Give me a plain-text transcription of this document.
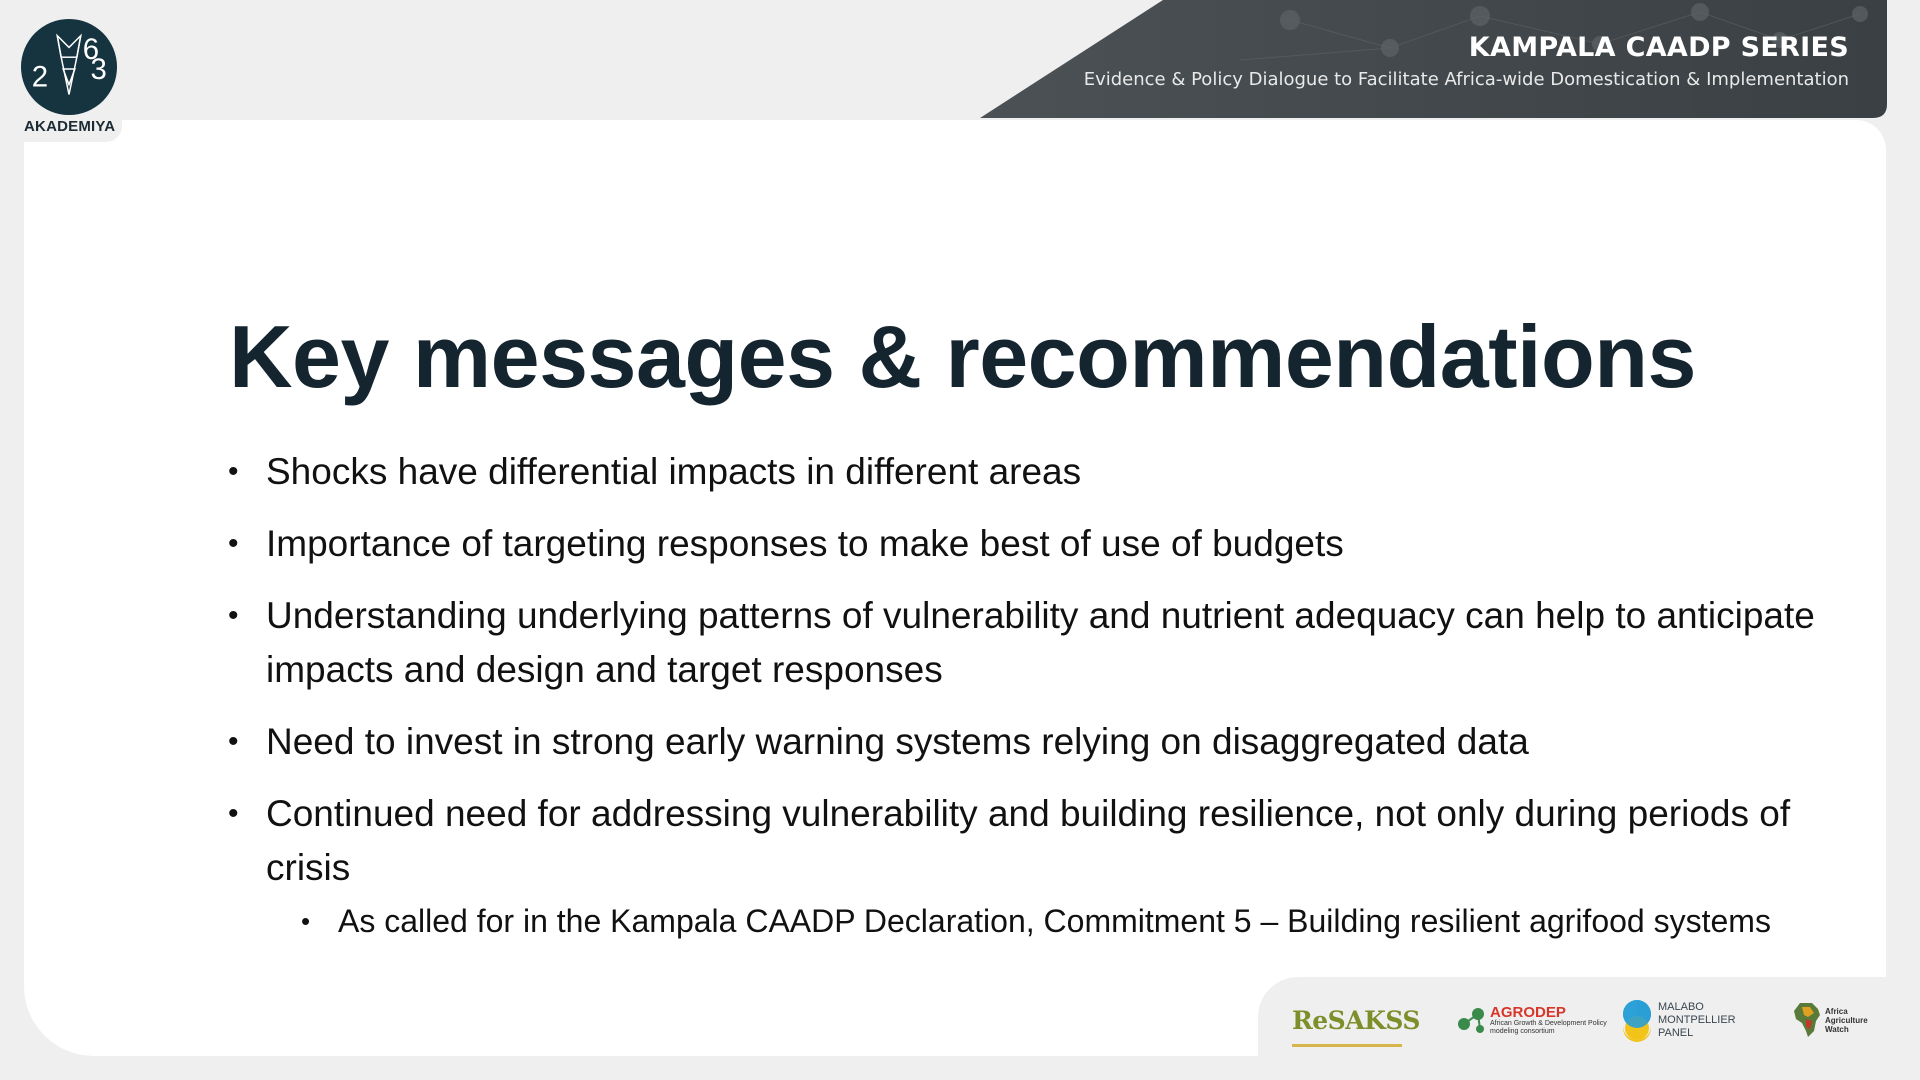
2
6
3
AKADEMIYA
KAMPALA CAADP SERIES
Evidence & Policy Dialogue to Facilitate Africa-wide Domestication & Implementation
Key messages & recommendations
• Shocks have differential impacts in different areas
• Importance of targeting responses to make best of use of budgets
• Understanding underlying patterns of vulnerability and nutrient adequacy can help to anticipate impacts and design and target responses
• Need to invest in strong early warning systems relying on disaggregated data
• Continued need for addressing vulnerability and building resilience, not only during periods of crisis
• As called for in the Kampala CAADP Declaration, Commitment 5 – Building resilient agrifood systems
ReSAKSS	AGRODEP
African Growth & Development Policy
modeling consortium
MALABO
MONTPELLIER
PANEL
Africa
Agriculture
Watch
